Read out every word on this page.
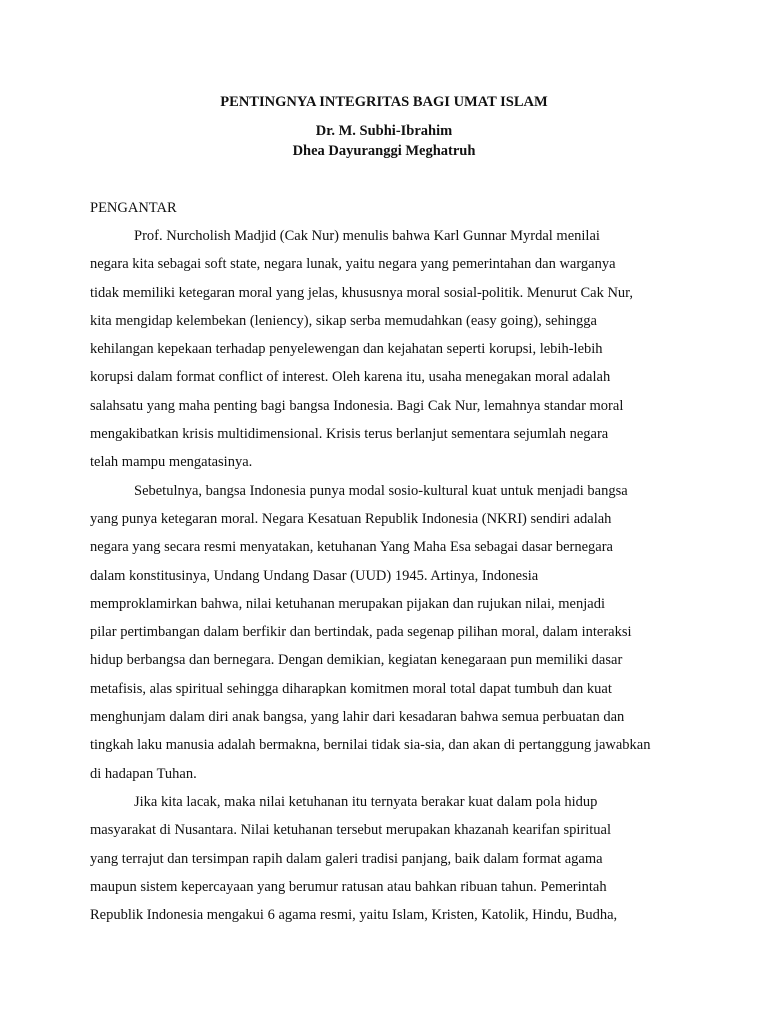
PENTINGNYA INTEGRITAS BAGI UMAT ISLAM
Dr. M. Subhi-Ibrahim
Dhea Dayuranggi Meghatruh
PENGANTAR
Prof. Nurcholish Madjid (Cak Nur) menulis bahwa Karl Gunnar Myrdal menilai
negara kita sebagai soft state, negara lunak, yaitu negara yang pemerintahan dan warganya
tidak memiliki ketegaran moral yang jelas, khususnya moral sosial-politik. Menurut Cak Nur,
kita mengidap kelembekan (leniency), sikap serba memudahkan (easy going), sehingga
kehilangan kepekaan terhadap penyelewengan dan kejahatan seperti korupsi, lebih-lebih
korupsi dalam format conflict of interest. Oleh karena itu, usaha menegakan moral adalah
salahsatu yang maha penting bagi bangsa Indonesia. Bagi Cak Nur, lemahnya standar moral
mengakibatkan krisis multidimensional. Krisis terus berlanjut sementara sejumlah negara
telah mampu mengatasinya.
Sebetulnya, bangsa Indonesia punya modal sosio-kultural kuat untuk menjadi bangsa
yang punya ketegaran moral. Negara Kesatuan Republik Indonesia (NKRI) sendiri adalah
negara yang secara resmi menyatakan, ketuhanan Yang Maha Esa sebagai dasar bernegara
dalam konstitusinya, Undang Undang Dasar (UUD) 1945. Artinya, Indonesia
memproklamirkan bahwa, nilai ketuhanan merupakan pijakan dan rujukan nilai, menjadi
pilar pertimbangan dalam berfikir dan bertindak, pada segenap pilihan moral, dalam interaksi
hidup berbangsa dan bernegara. Dengan demikian, kegiatan kenegaraan pun memiliki dasar
metafisis, alas spiritual sehingga diharapkan komitmen moral total dapat tumbuh dan kuat
menghunjam dalam diri anak bangsa, yang lahir dari kesadaran bahwa semua perbuatan dan
tingkah laku manusia adalah bermakna, bernilai tidak sia-sia, dan akan di pertanggung jawabkan
di hadapan Tuhan.
Jika kita lacak, maka nilai ketuhanan itu ternyata berakar kuat dalam pola hidup
masyarakat di Nusantara. Nilai ketuhanan tersebut merupakan khazanah kearifan spiritual
yang terrajut dan tersimpan rapih dalam galeri tradisi panjang, baik dalam format agama
maupun sistem kepercayaan yang berumur ratusan atau bahkan ribuan tahun. Pemerintah
Republik Indonesia mengakui 6 agama resmi, yaitu Islam, Kristen, Katolik, Hindu, Budha,
